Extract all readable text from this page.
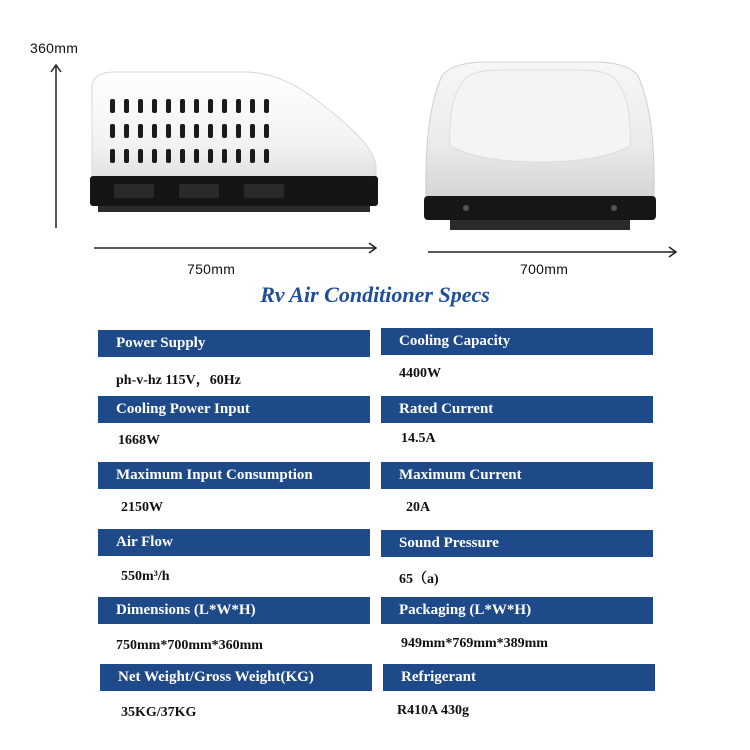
360mm
750mm	700mm
Rv Air Conditioner Specs
Power Supply	Cooling Capacity
ph-v-hz 115V，60Hz	4400W
Cooling Power Input	Rated Current
1668W	14.5A
Maximum Input Consumption	Maximum Current
2150W	20A
Air Flow	Sound Pressure
550m³/h	65（a)
Dimensions (L*W*H)	Packaging (L*W*H)
750mm*700mm*360mm	949mm*769mm*389mm
Net Weight/Gross Weight(KG)	Refrigerant
35KG/37KG	R410A 430g
